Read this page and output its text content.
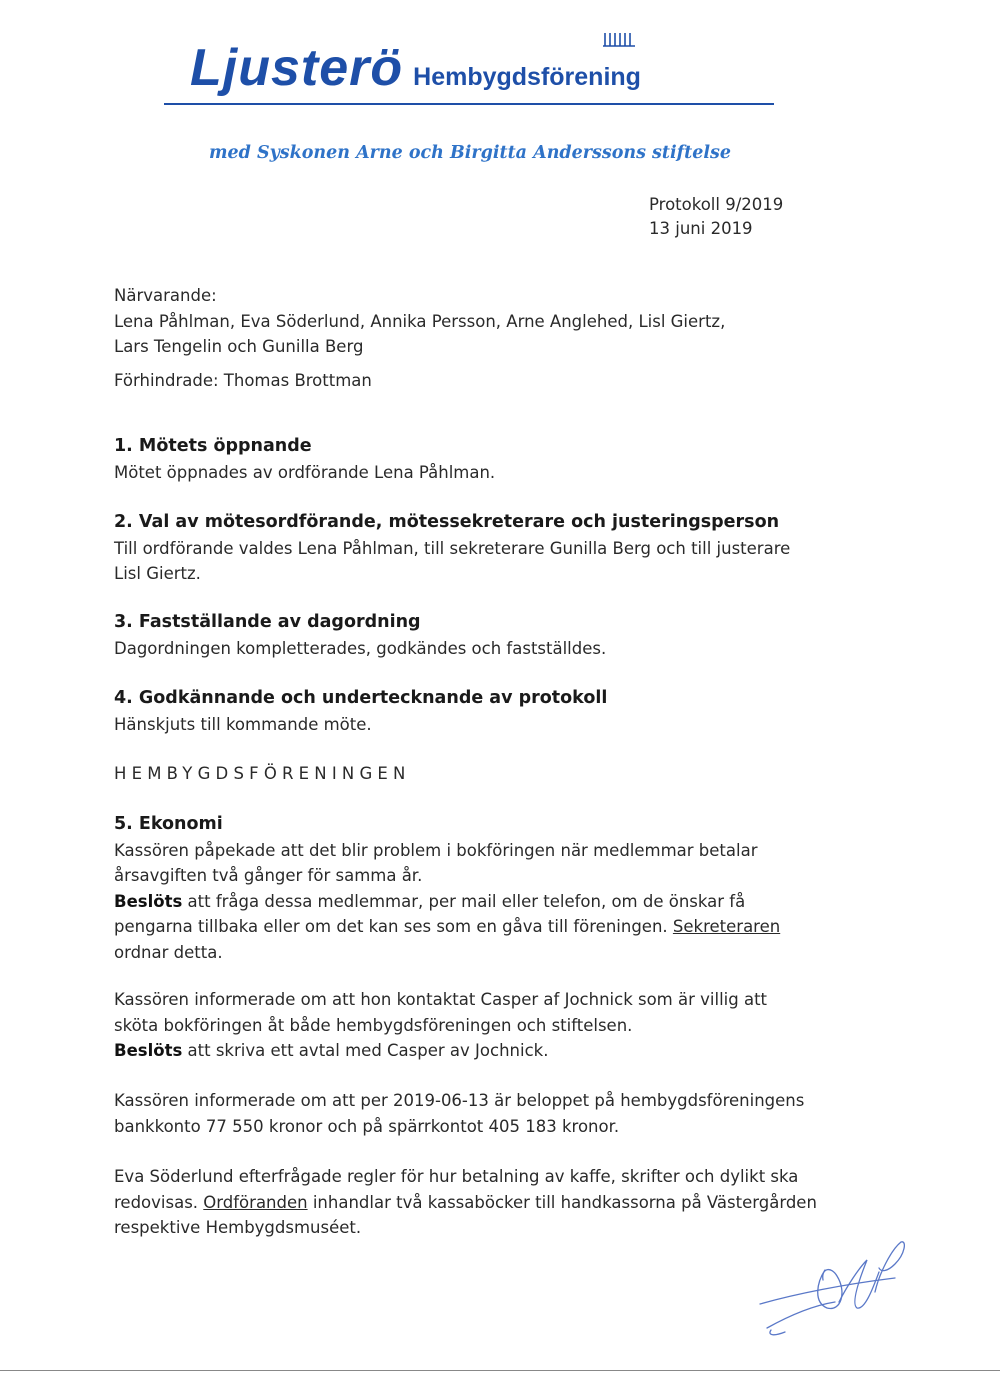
Ljusterö Hembygdsförening
med Syskonen Arne och Birgitta Anderssons stiftelse
Protokoll 9/2019
13 juni 2019
Närvarande:
Lena Påhlman, Eva Söderlund, Annika Persson, Arne Anglehed, Lisl Giertz,
Lars Tengelin och Gunilla Berg
Förhindrade: Thomas Brottman
1. Mötets öppnande
Mötet öppnades av ordförande Lena Påhlman.
2. Val av mötesordförande, mötessekreterare och justeringsperson
Till ordförande valdes Lena Påhlman, till sekreterare Gunilla Berg och till justerare
Lisl Giertz.
3. Fastställande av dagordning
Dagordningen kompletterades, godkändes och fastställdes.
4. Godkännande och undertecknande av protokoll
Hänskjuts till kommande möte.
HEMBYGDSFÖRENINGEN
5. Ekonomi
Kassören påpekade att det blir problem i bokföringen när medlemmar betalar
årsavgiften två gånger för samma år.
Beslöts att fråga dessa medlemmar, per mail eller telefon, om de önskar få
pengarna tillbaka eller om det kan ses som en gåva till föreningen. Sekreteraren
ordnar detta.
Kassören informerade om att hon kontaktat Casper af Jochnick som är villig att
sköta bokföringen åt både hembygdsföreningen och stiftelsen.
Beslöts att skriva ett avtal med Casper av Jochnick.
Kassören informerade om att per 2019-06-13 är beloppet på hembygdsföreningens
bankkonto 77 550 kronor och på spärrkontot 405 183 kronor.
Eva Söderlund efterfrågade regler för hur betalning av kaffe, skrifter och dylikt ska
redovisas. Ordföranden inhandlar två kassaböcker till handkassorna på Västergården
respektive Hembygdsmuséet.
